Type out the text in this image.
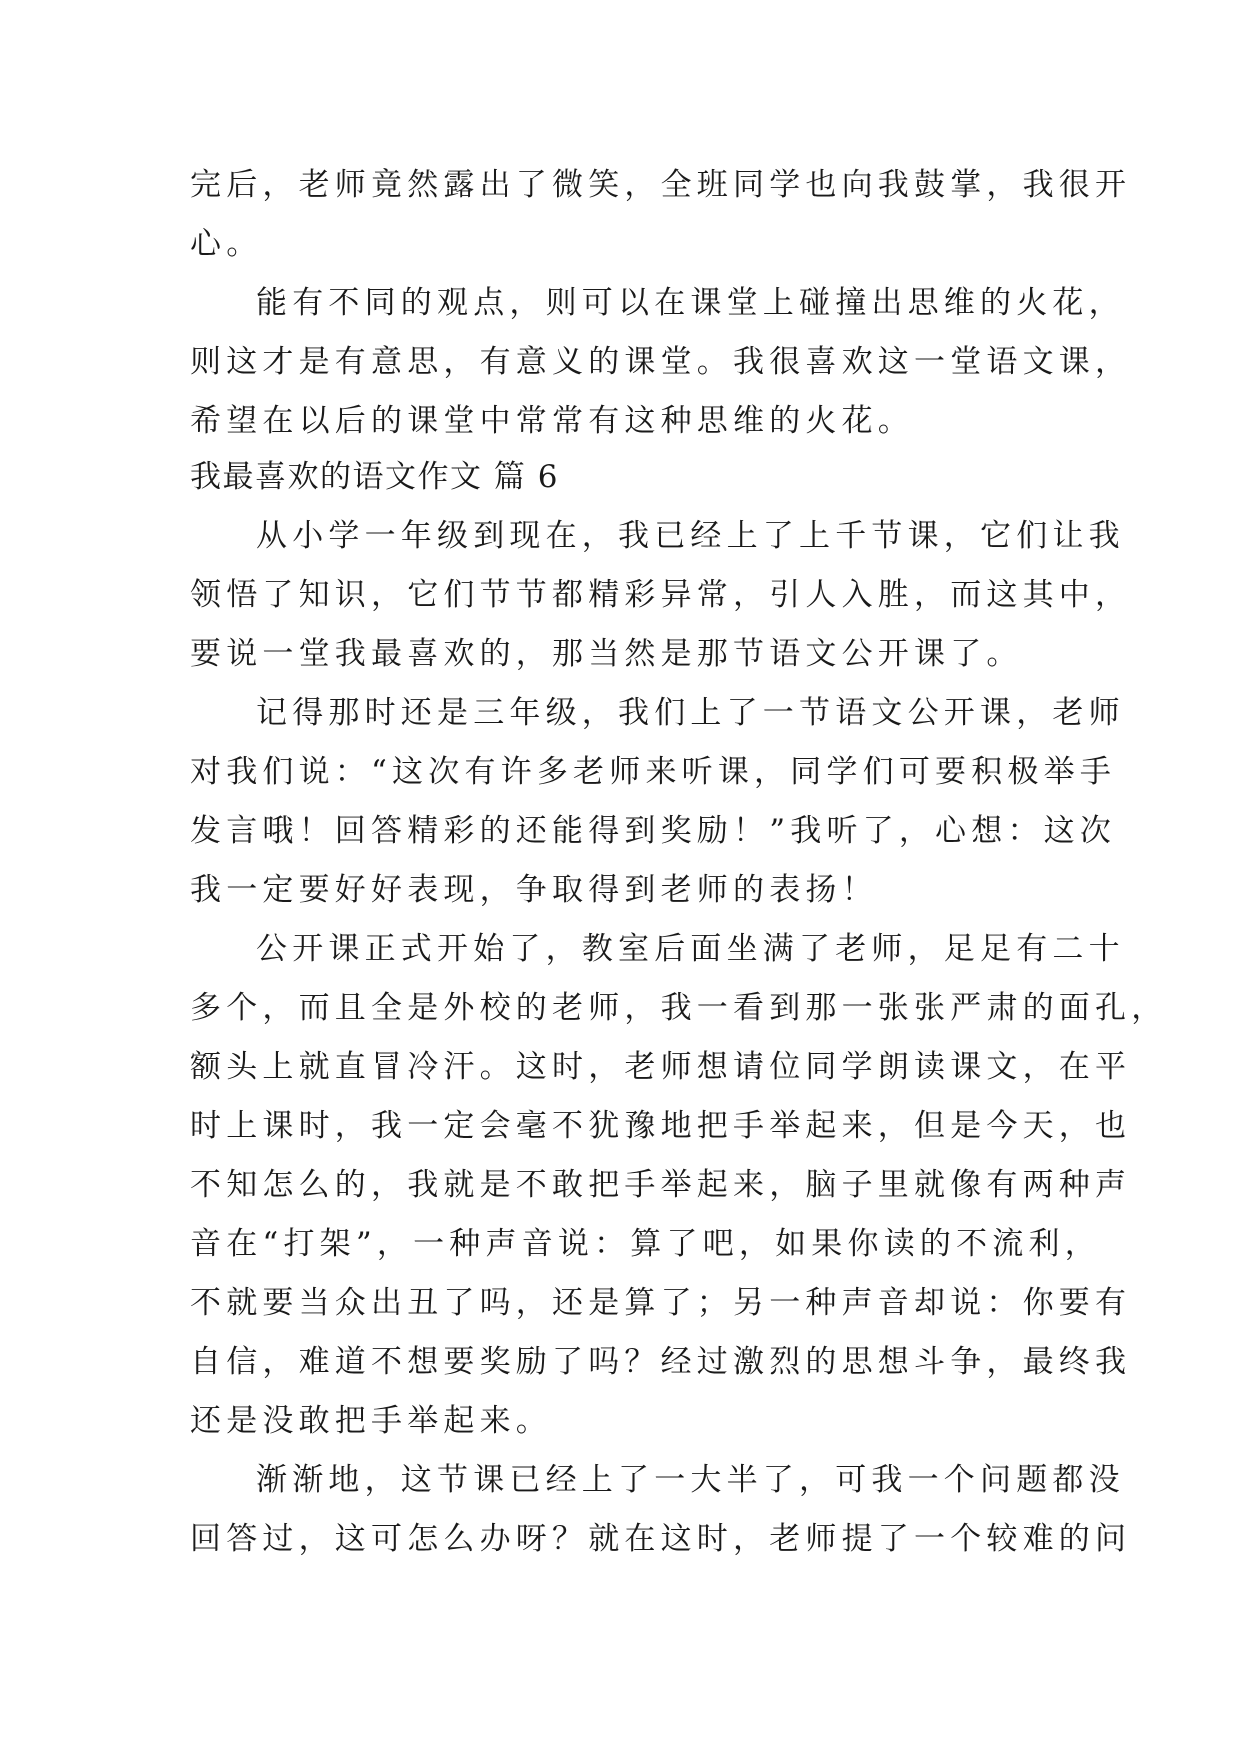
完后，老师竟然露出了微笑，全班同学也向我鼓掌，我很开
心。
能有不同的观点，则可以在课堂上碰撞出思维的火花，
则这才是有意思，有意义的课堂。我很喜欢这一堂语文课，
希望在以后的课堂中常常有这种思维的火花。
我最喜欢的语文作文 篇 6
从小学一年级到现在，我已经上了上千节课，它们让我
领悟了知识，它们节节都精彩异常，引人入胜，而这其中，
要说一堂我最喜欢的，那当然是那节语文公开课了。
记得那时还是三年级，我们上了一节语文公开课，老师
对我们说：“这次有许多老师来听课，同学们可要积极举手
发言哦！回答精彩的还能得到奖励！”我听了，心想：这次
我一定要好好表现，争取得到老师的表扬！
公开课正式开始了，教室后面坐满了老师，足足有二十
多个，而且全是外校的老师，我一看到那一张张严肃的面孔，
额头上就直冒冷汗。这时，老师想请位同学朗读课文，在平
时上课时，我一定会毫不犹豫地把手举起来，但是今天，也
不知怎么的，我就是不敢把手举起来，脑子里就像有两种声
音在“打架”，一种声音说：算了吧，如果你读的不流利，
不就要当众出丑了吗，还是算了；另一种声音却说：你要有
自信，难道不想要奖励了吗？经过激烈的思想斗争，最终我
还是没敢把手举起来。
渐渐地，这节课已经上了一大半了，可我一个问题都没
回答过，这可怎么办呀？就在这时，老师提了一个较难的问
